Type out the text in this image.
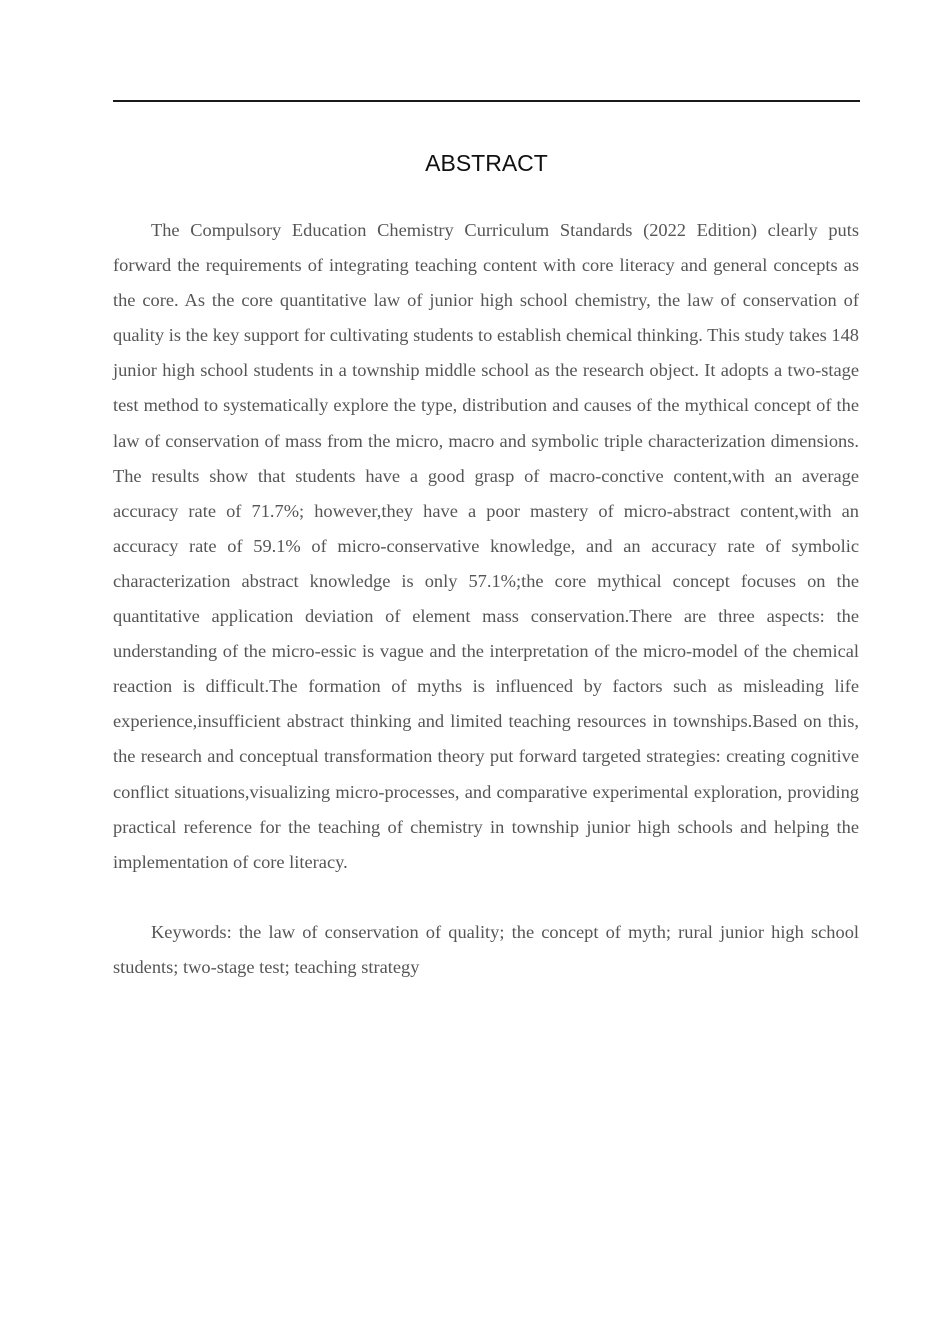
ABSTRACT

The Compulsory Education Chemistry Curriculum Standards (2022 Edition) clearly puts forward the requirements of integrating teaching content with core literacy and general concepts as the core. As the core quantitative law of junior high school chemistry, the law of conservation of quality is the key support for cultivating students to establish chemical thinking. This study takes 148 junior high school students in a township middle school as the research object. It adopts a two-stage test method to systematically explore the type, distribution and causes of the mythical concept of the law of conservation of mass from the micro, macro and symbolic triple characterization dimensions. The results show that students have a good grasp of macro-conctive content,with an average accuracy rate of 71.7%; however,they have a poor mastery of micro-abstract content,with an accuracy rate of 59.1% of micro-conservative knowledge, and an accuracy rate of symbolic characterization abstract knowledge is only 57.1%;the core mythical concept focuses on the quantitative application deviation of element mass conservation.There are three aspects: the understanding of the micro-essic is vague and the interpretation of the micro-model of the chemical reaction is difficult.The formation of myths is influenced by factors such as misleading life experience,insufficient abstract thinking and limited teaching resources in townships.Based on this, the research and conceptual transformation theory put forward targeted strategies: creating cognitive conflict situations,visualizing micro-processes, and comparative experimental exploration, providing practical reference for the teaching of chemistry in township junior high schools and helping the implementation of core literacy.

Keywords: the law of conservation of quality; the concept of myth; rural junior high school students; two-stage test; teaching strategy
